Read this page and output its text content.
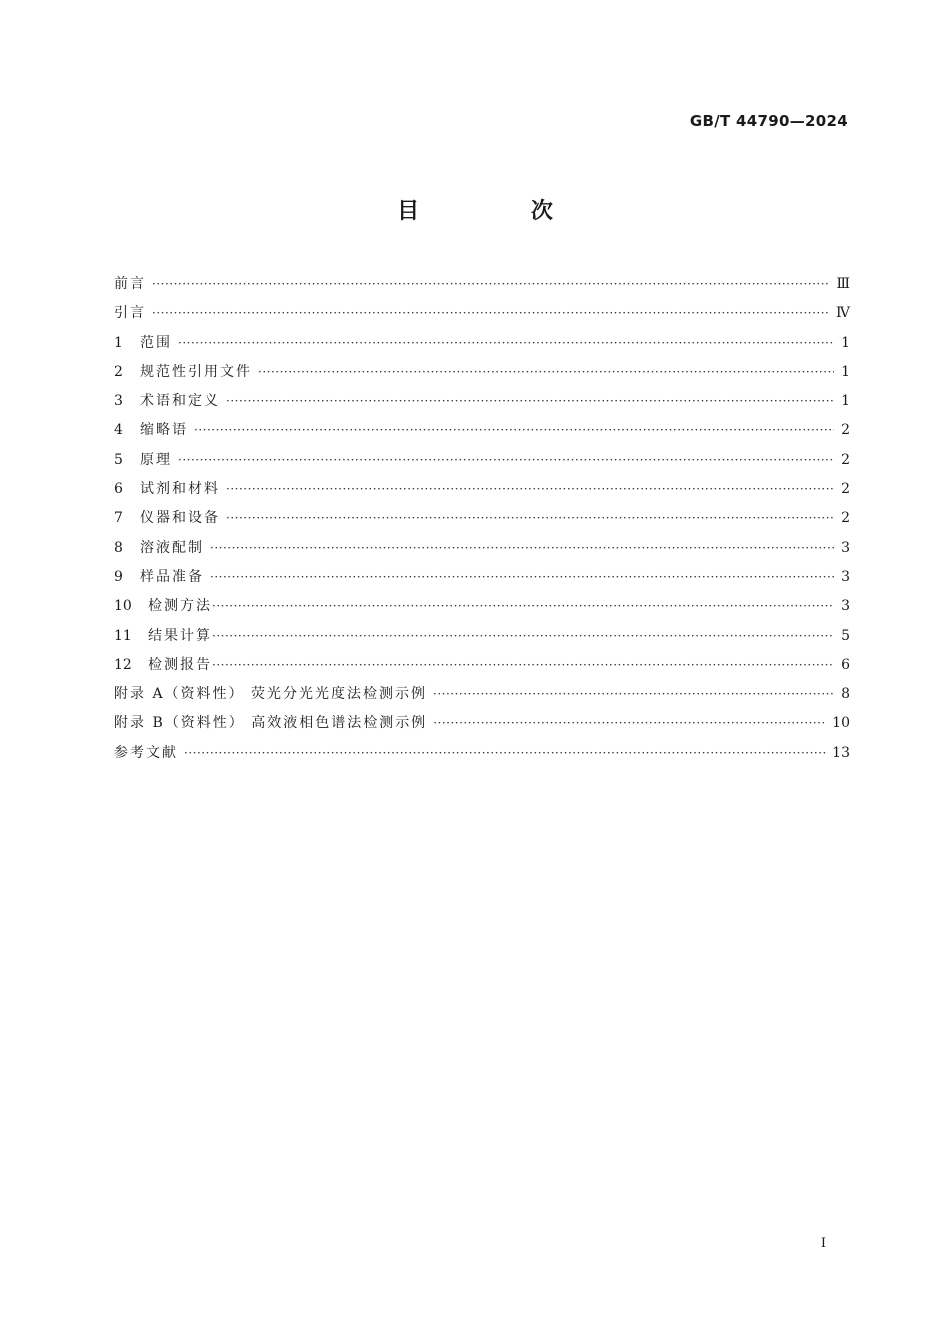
GB/T 44790—2024
目 次
前言 ·····	Ⅲ
引言 ·····	Ⅳ
1	范围 ·····	1
2	规范性引用文件 ·····	1
3	术语和定义 ·····	1
4	缩略语 ·····	2
5	原理 ·····	2
6	试剂和材料 ·····	2
7	仪器和设备 ·····	2
8	溶液配制 ·····	3
9	样品准备 ·····	3
10	检测方法 ·····	3
11	结果计算 ·····	5
12	检测报告 ·····	6
附录 A（资料性） 荧光分光光度法检测示例 ·····	8
附录 B（资料性） 高效液相色谱法检测示例 ·····	10
参考文献 ·····	13
Ⅰ
